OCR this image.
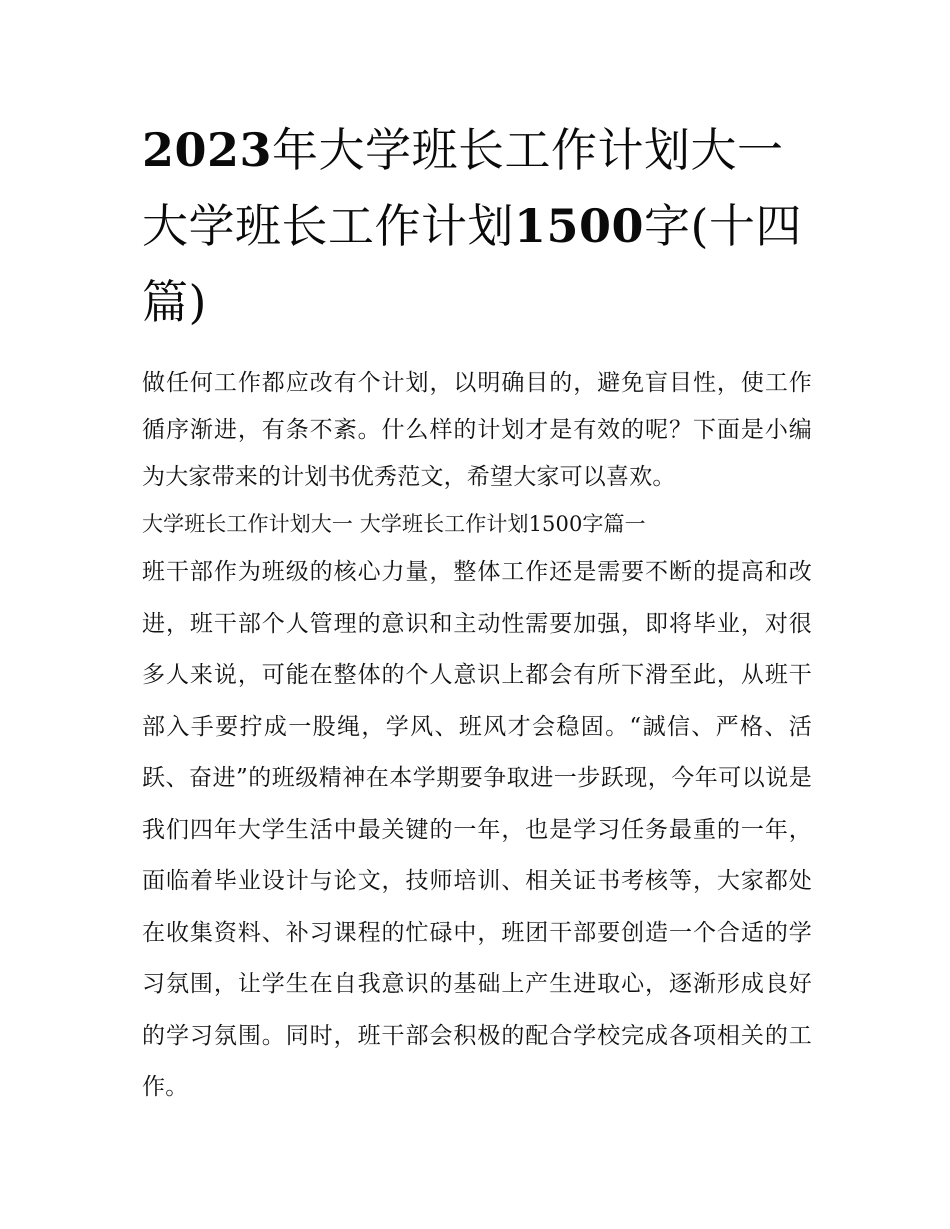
2023年大学班长工作计划大一大学班长工作计划1500字(十四篇)

做任何工作都应改有个计划，以明确目的，避免盲目性，使工作循序渐进，有条不紊。什么样的计划才是有效的呢？下面是小编为大家带来的计划书优秀范文，希望大家可以喜欢。

大学班长工作计划大一 大学班长工作计划1500字篇一

班干部作为班级的核心力量，整体工作还是需要不断的提高和改进，班干部个人管理的意识和主动性需要加强，即将毕业，对很多人来说，可能在整体的个人意识上都会有所下滑至此，从班干部入手要拧成一股绳，学风、班风才会稳固。“誠信、严格、活跃、奋进”的班级精神在本学期要争取进一步跃现，今年可以说是我们四年大学生活中最关键的一年，也是学习任务最重的一年，面临着毕业设计与论文，技师培训、相关证书考核等，大家都处在收集资料、补习课程的忙碌中，班团干部要创造一个合适的学习氛围，让学生在自我意识的基础上产生进取心，逐渐形成良好的学习氛围。同时，班干部会积极的配合学校完成各项相关的工作。
